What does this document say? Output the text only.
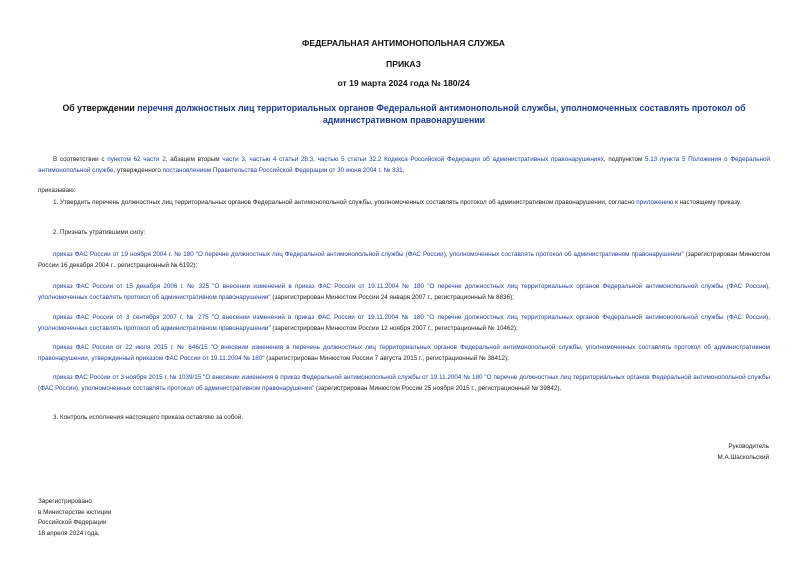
ФЕДЕРАЛЬНАЯ АНТИМОНОПОЛЬНАЯ СЛУЖБА
ПРИКАЗ
от 19 марта 2024 года № 180/24
Об утверждении перечня должностных лиц территориальных органов Федеральной антимонопольной службы, уполномоченных составлять протокол об административном правонарушении
В соответствии с пунктом 62 части 2, абзацем вторым части 3, частью 4 статьи 28.3, частью 5 статьи 32.2 Кодекса Российской Федерации об административных правонарушениях, подпунктом 5.13 пункта 5 Положения о Федеральной антимонопольной службе, утвержденного постановлением Правительства Российской Федерации от 30 июня 2004 г. № 331,
приказываю:
1. Утвердить перечень должностных лиц территориальных органов Федеральной антимонопольной службы, уполномоченных составлять протокол об административном правонарушении, согласно приложению к настоящему приказу.
2. Признать утратившими силу:
приказ ФАС России от 19 ноября 2004 г. № 180 "О перечне должностных лиц Федеральной антимонопольной службы (ФАС России), уполномоченных составлять протокол об административном правонарушении" (зарегистрирован Минюстом России 16 декабря 2004 г., регистрационный № 6192);
приказ ФАС России от 15 декабря 2006 г. № 325 "О внесении изменений в приказ ФАС России от 19.11.2004 № 180 "О перечне должностных лиц территориальных органов Федеральной антимонопольной службы (ФАС России), уполномоченных составлять протокол об административном правонарушении" (зарегистрирован Минюстом России 24 января 2007 г., регистрационный № 8836);
приказ ФАС России от 3 сентября 2007 г. № 275 "О внесении изменений в приказ ФАС России от 19.11.2004 № 180 "О перечне должностных лиц территориальных органов Федеральной антимонопольной службы (ФАС России), уполномоченных составлять протокол об административном правонарушении" (зарегистрирован Минюстом России 12 ноября 2007 г., регистрационный № 10462);
приказ ФАС России от 22 июля 2015 г. № 646/15 "О внесении изменения в перечень должностных лиц территориальных органов Федеральной антимонопольной службы, уполномоченных составлять протокол об административном правонарушении, утвержденный приказом ФАС России от 19.11.2004 № 180" (зарегистрирован Минюстом России 7 августа 2015 г., регистрационный № 38412);
приказ ФАС России от 3 ноября 2015 г. № 1039/15 "О внесении изменения в приказ Федеральной антимонопольной службы от 19.11.2004 № 180 "О перечне должностных лиц территориальных органов Федеральной антимонопольной службы (ФАС России), уполномоченных составлять протокол об административном правонарушении" (зарегистрирован Минюстом России 25 ноября 2015 г., регистрационный № 39842).
3. Контроль исполнения настоящего приказа оставляю за собой.
Руководитель
М.А.Шаскольский
Зарегистрировано
в Министерстве юстиции
Российской Федерации
18 апреля 2024 года,
